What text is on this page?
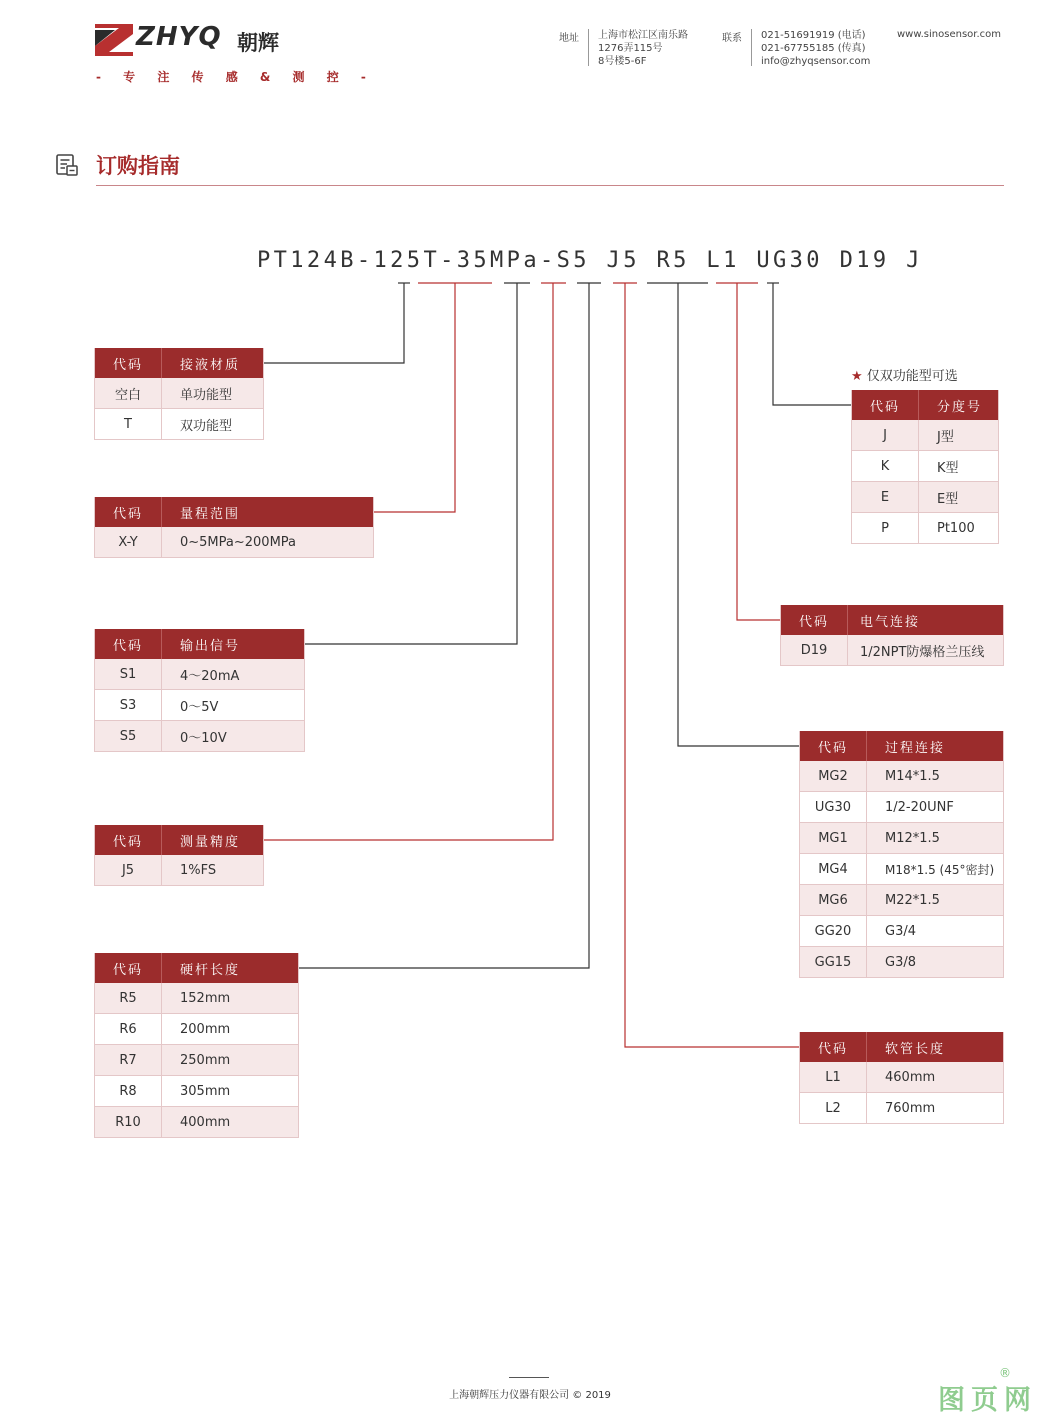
ZHYQ 朝辉
- 专 注 传 感 & 测 控 -
地址 上海市松江区南乐路
1276弄115号
8号楼5-6F
联系 021-51691919 (电话)
021-67755185 (传真)
info@zhyqsensor.com
www.sinosensor.com
订购指南
PT124B-125T-35MPa-S5 J5 R5 L1 UG30 D19 J
代码	接液材质
空白	单功能型
T	双功能型
代码	量程范围
X-Y	0~5MPa~200MPa
代码	输出信号
S1	4～20mA
S3	0～5V
S5	0～10V
代码	测量精度
J5	1%FS
代码	硬杆长度
R5	152mm
R6	200mm
R7	250mm
R8	305mm
R10	400mm
★ 仅双功能型可选
代码	分度号
J	J型
K	K型
E	E型
P	Pt100
代码	电气连接
D19	1/2NPT防爆格兰压线
代码	过程连接
MG2	M14*1.5
UG30	1/2-20UNF
MG1	M12*1.5
MG4	M18*1.5 (45°密封)
MG6	M22*1.5
GG20	G3/4
GG15	G3/8
代码	软管长度
L1	460mm
L2	760mm
上海朝辉压力仪器有限公司 © 2019	图页网
®
